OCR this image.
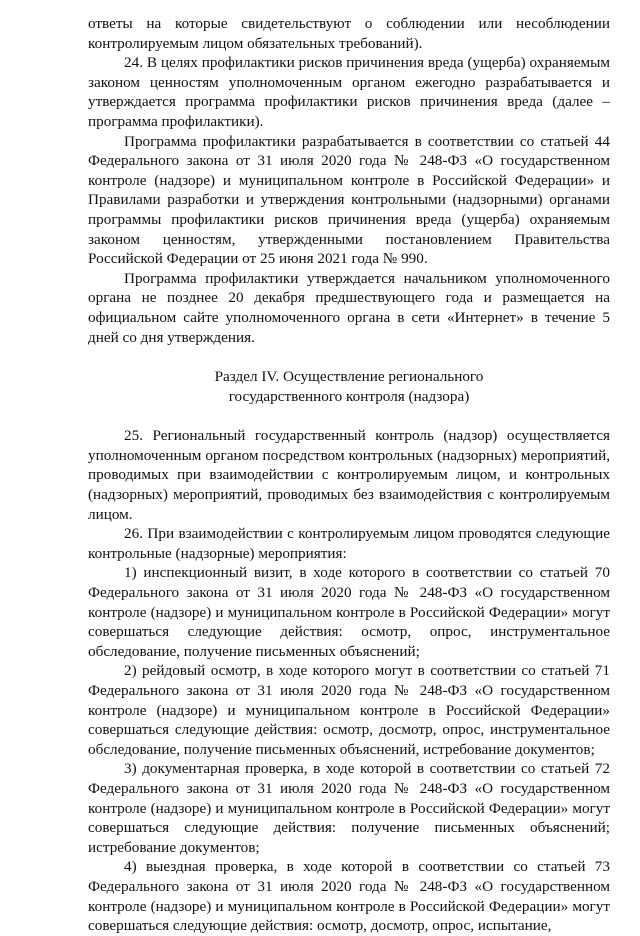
ответы на которые свидетельствуют о соблюдении или несоблюдении контролируемым лицом обязательных требований).

24. В целях профилактики рисков причинения вреда (ущерба) охраняемым законом ценностям уполномоченным органом ежегодно разрабатывается и утверждается программа профилактики рисков причинения вреда (далее – программа профилактики).

Программа профилактики разрабатывается в соответствии со статьей 44 Федерального закона от 31 июля 2020 года № 248-ФЗ «О государственном контроле (надзоре) и муниципальном контроле в Российской Федерации» и Правилами разработки и утверждения контрольными (надзорными) органами программы профилактики рисков причинения вреда (ущерба) охраняемым законом ценностям, утвержденными постановлением Правительства Российской Федерации от 25 июня 2021 года № 990.

Программа профилактики утверждается начальником уполномоченного органа не позднее 20 декабря предшествующего года и размещается на официальном сайте уполномоченного органа в сети «Интернет» в течение 5 дней со дня утверждения.

Раздел IV. Осуществление регионального

государственного контроля (надзора)

25. Региональный государственный контроль (надзор) осуществляется уполномоченным органом посредством контрольных (надзорных) мероприятий, проводимых при взаимодействии с контролируемым лицом, и контрольных (надзорных) мероприятий, проводимых без взаимодействия с контролируемым лицом.

26. При взаимодействии с контролируемым лицом проводятся следующие контрольные (надзорные) мероприятия:

1) инспекционный визит, в ходе которого в соответствии со статьей 70 Федерального закона от 31 июля 2020 года № 248-ФЗ «О государственном контроле (надзоре) и муниципальном контроле в Российской Федерации» могут совершаться следующие действия: осмотр, опрос, инструментальное обследование, получение письменных объяснений;

2) рейдовый осмотр, в ходе которого могут в соответствии со статьей 71 Федерального закона от 31 июля 2020 года № 248-ФЗ «О государственном контроле (надзоре) и муниципальном контроле в Российской Федерации» совершаться следующие действия: осмотр, досмотр, опрос, инструментальное обследование, получение письменных объяснений, истребование документов;

3) документарная проверка, в ходе которой в соответствии со статьей 72 Федерального закона от 31 июля 2020 года № 248-ФЗ «О государственном контроле (надзоре) и муниципальном контроле в Российской Федерации» могут совершаться следующие действия: получение письменных объяснений; истребование документов;

4) выездная проверка, в ходе которой в соответствии со статьей 73 Федерального закона от 31 июля 2020 года № 248-ФЗ «О государственном контроле (надзоре) и муниципальном контроле в Российской Федерации» могут совершаться следующие действия: осмотр, досмотр, опрос, испытание,
